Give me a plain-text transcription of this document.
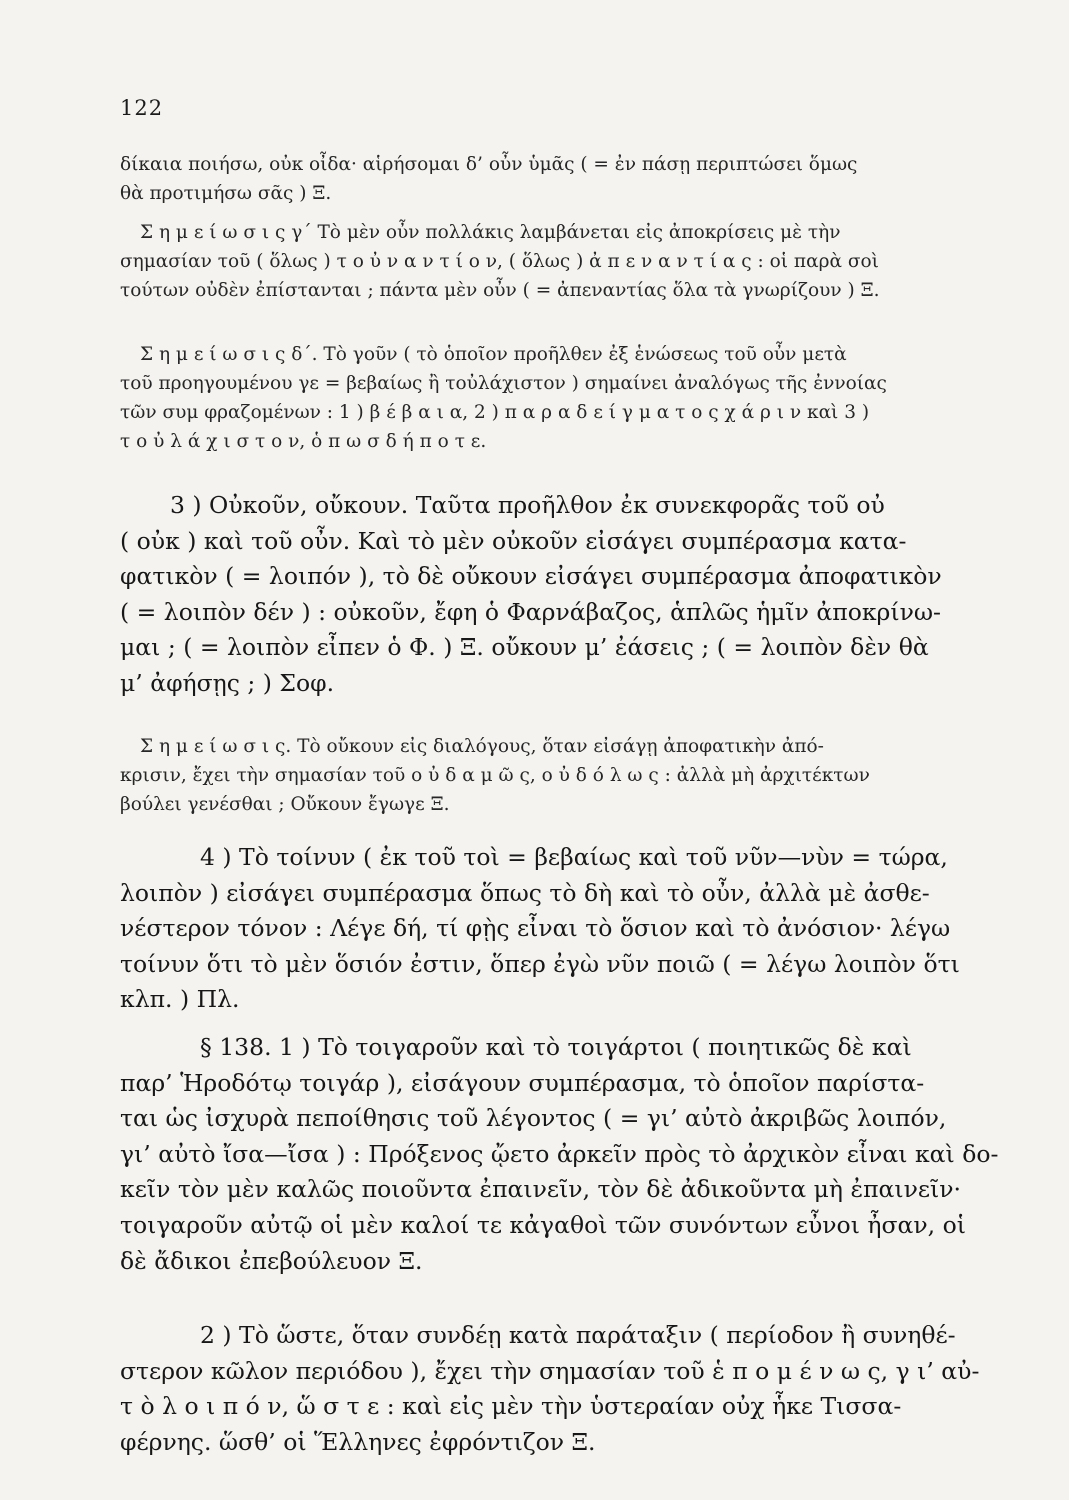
122
δίκαια ποιήσω, οὐκ οἶδα· αἱρήσομαι δ’ οὖν ὑμᾶς ( = ἐν πάσῃ περιπτώσει ὅμως
θὰ προτιμήσω σᾶς ) Ξ.
Σ η μ ε ί ω σ ι ς γ΄ Τὸ μὲν οὖν πολλάκις λαμβάνεται εἰς ἀποκρίσεις μὲ τὴν
σημασίαν τοῦ ( ὅλως ) τ ο ὐ ν α ν τ ί ο ν, ( ὅλως ) ἀ π ε ν α ν τ ί α ς : οἱ παρὰ σοὶ
τούτων οὐδὲν ἐπίστανται ; πάντα μὲν οὖν ( = ἀπεναντίας ὅλα τὰ γνωρίζουν ) Ξ.
Σ η μ ε ί ω σ ι ς δ΄. Τὸ γοῦν ( τὸ ὁποῖον προῆλθεν ἐξ ἑνώσεως τοῦ οὖν μετὰ
τοῦ προηγουμένου γε = βεβαίως ἢ τοὐλάχιστον ) σημαίνει ἀναλόγως τῆς ἐννοίας
τῶν συμ φραζομένων : 1 ) β έ β α ι α, 2 ) π α ρ α δ ε ί γ μ α τ ο ς χ ά ρ ι ν καὶ 3 )
τ ο ὐ λ ά χ ι σ τ ο ν, ὁ π ω σ δ ή π ο τ ε.
3 ) Οὐκοῦν, οὔκουν. Ταῦτα προῆλθον ἐκ συνεκφορᾶς τοῦ οὐ
( οὐκ ) καὶ τοῦ οὖν. Καὶ τὸ μὲν οὐκοῦν εἰσάγει συμπέρασμα κατα-
φατικὸν ( = λοιπόν ), τὸ δὲ οὔκουν εἰσάγει συμπέρασμα ἀποφατικὸν
( = λοιπὸν δέν ) : οὐκοῦν, ἔφη ὁ Φαρνάβαζος, ἁπλῶς ἡμῖν ἀποκρίνω-
μαι ; ( = λοιπὸν εἶπεν ὁ Φ. ) Ξ. οὔκουν μ’ ἐάσεις ; ( = λοιπὸν δὲν θὰ
μ’ ἀφήσῃς ; ) Σοφ.
Σ η μ ε ί ω σ ι ς. Τὸ οὔκουν εἰς διαλόγους, ὅταν εἰσάγῃ ἀποφατικὴν ἀπό-
κρισιν, ἔχει τὴν σημασίαν τοῦ ο ὐ δ α μ ῶ ς, ο ὐ δ ό λ ω ς : ἀλλὰ μὴ ἀρχιτέκτων
βούλει γενέσθαι ; Οὔκουν ἔγωγε Ξ.
4 ) Τὸ τοίνυν ( ἐκ τοῦ τοὶ = βεβαίως καὶ τοῦ νῦν—νὺν = τώρα,
λοιπὸν ) εἰσάγει συμπέρασμα ὅπως τὸ δὴ καὶ τὸ οὖν, ἀλλὰ μὲ ἀσθε-
νέστερον τόνον : Λέγε δή, τί φῂς εἶναι τὸ ὅσιον καὶ τὸ ἀνόσιον· λέγω
τοίνυν ὅτι τὸ μὲν ὅσιόν ἐστιν, ὅπερ ἐγὼ νῦν ποιῶ ( = λέγω λοιπὸν ὅτι
κλπ. ) Πλ.
§ 138. 1 ) Τὸ τοιγαροῦν καὶ τὸ τοιγάρτοι ( ποιητικῶς δὲ καὶ
παρ’ Ἡροδότῳ τοιγάρ ), εἰσάγουν συμπέρασμα, τὸ ὁποῖον παρίστα-
ται ὡς ἰσχυρὰ πεποίθησις τοῦ λέγοντος ( = γι’ αὐτὸ ἀκριβῶς λοιπόν,
γι’ αὐτὸ ἴσα—ἴσα ) : Πρόξενος ᾤετο ἀρκεῖν πρὸς τὸ ἀρχικὸν εἶναι καὶ δο-
κεῖν τὸν μὲν καλῶς ποιοῦντα ἐπαινεῖν, τὸν δὲ ἀδικοῦντα μὴ ἐπαινεῖν·
τοιγαροῦν αὐτῷ οἱ μὲν καλοί τε κἀγαθοὶ τῶν συνόντων εὖνοι ἦσαν, οἱ
δὲ ἄδικοι ἐπεβούλευον Ξ.
2 ) Τὸ ὥστε, ὅταν συνδέῃ κατὰ παράταξιν ( περίοδον ἢ συνηθέ-
στερον κῶλον περιόδου ), ἔχει τὴν σημασίαν τοῦ ἑ π ο μ έ ν ω ς, γ ι’ αὐ-
τ ὸ λ ο ι π ό ν, ὥ σ τ ε : καὶ εἰς μὲν τὴν ὑστεραίαν οὐχ ἧκε Τισσα-
φέρνης. ὥσθ’ οἱ Ἕλληνες ἐφρόντιζον Ξ.
